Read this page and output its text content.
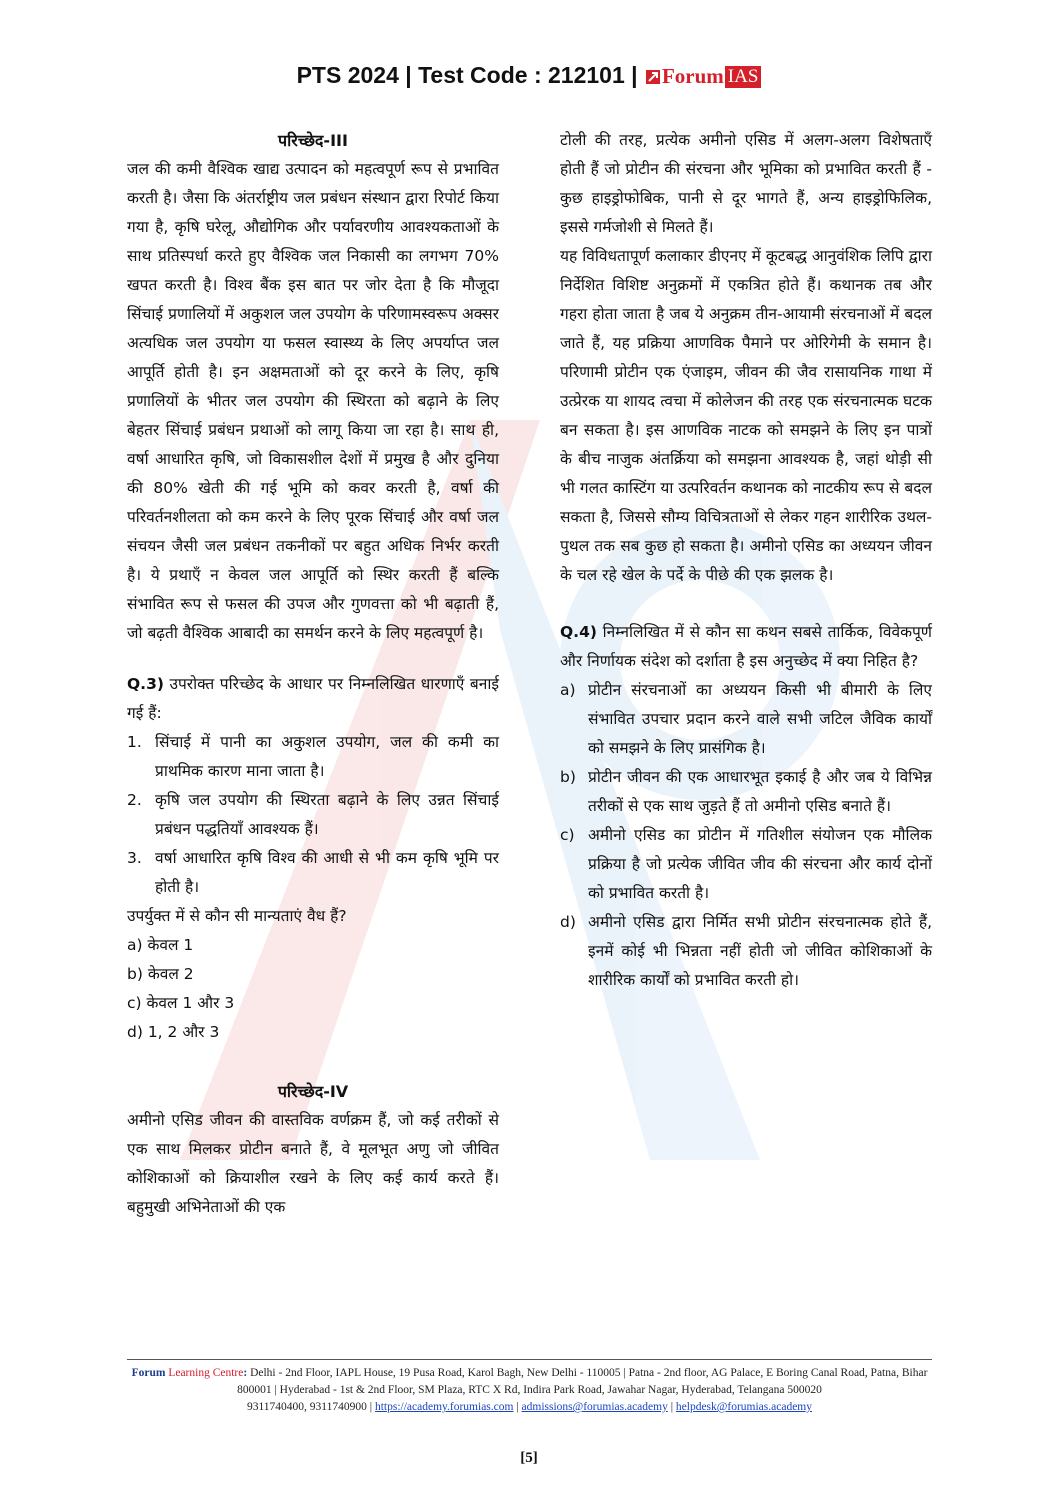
PTS 2024 | Test Code : 212101 | Forum IAS
परिच्छेद-III

जल की कमी वैश्विक खाद्य उत्पादन को महत्वपूर्ण रूप से प्रभावित करती है। जैसा कि अंतर्राष्ट्रीय जल प्रबंधन संस्थान द्वारा रिपोर्ट किया गया है, कृषि घरेलू, औद्योगिक और पर्यावरणीय आवश्यकताओं के साथ प्रतिस्पर्धा करते हुए वैश्विक जल निकासी का लगभग 70% खपत करती है। विश्व बैंक इस बात पर जोर देता है कि मौजूदा सिंचाई प्रणालियों में अकुशल जल उपयोग के परिणामस्वरूप अक्सर अत्यधिक जल उपयोग या फसल स्वास्थ्य के लिए अपर्याप्त जल आपूर्ति होती है। इन अक्षमताओं को दूर करने के लिए, कृषि प्रणालियों के भीतर जल उपयोग की स्थिरता को बढ़ाने के लिए बेहतर सिंचाई प्रबंधन प्रथाओं को लागू किया जा रहा है। साथ ही, वर्षा आधारित कृषि, जो विकासशील देशों में प्रमुख है और दुनिया की 80% खेती की गई भूमि को कवर करती है, वर्षा की परिवर्तनशीलता को कम करने के लिए पूरक सिंचाई और वर्षा जल संचयन जैसी जल प्रबंधन तकनीकों पर बहुत अधिक निर्भर करती है। ये प्रथाएँ न केवल जल आपूर्ति को स्थिर करती हैं बल्कि संभावित रूप से फसल की उपज और गुणवत्ता को भी बढ़ाती हैं, जो बढ़ती वैश्विक आबादी का समर्थन करने के लिए महत्वपूर्ण है।

Q.3) उपरोक्त परिच्छेद के आधार पर निम्नलिखित धारणाएँ बनाई गई हैं:

1. सिंचाई में पानी का अकुशल उपयोग, जल की कमी का प्राथमिक कारण माना जाता है।
2. कृषि जल उपयोग की स्थिरता बढ़ाने के लिए उन्नत सिंचाई प्रबंधन पद्धतियाँ आवश्यक हैं।
3. वर्षा आधारित कृषि विश्व की आधी से भी कम कृषि भूमि पर होती है।

उपर्युक्त में से कौन सी मान्यताएं वैध हैं?

a) केवल 1

b) केवल 2

c) केवल 1 और 3

d) 1, 2 और 3

परिच्छेद-IV

अमीनो एसिड जीवन की वास्तविक वर्णक्रम हैं, जो कई तरीकों से एक साथ मिलकर प्रोटीन बनाते हैं, वे मूलभूत अणु जो जीवित कोशिकाओं को क्रियाशील रखने के लिए कई कार्य करते हैं। बहुमुखी अभिनेताओं की एक

टोली की तरह, प्रत्येक अमीनो एसिड में अलग-अलग विशेषताएँ होती हैं जो प्रोटीन की संरचना और भूमिका को प्रभावित करती हैं - कुछ हाइड्रोफोबिक, पानी से दूर भागते हैं, अन्य हाइड्रोफिलिक, इससे गर्मजोशी से मिलते हैं।

यह विविधतापूर्ण कलाकार डीएनए में कूटबद्ध आनुवंशिक लिपि द्वारा निर्देशित विशिष्ट अनुक्रमों में एकत्रित होते हैं। कथानक तब और गहरा होता जाता है जब ये अनुक्रम तीन-आयामी संरचनाओं में बदल जाते हैं, यह प्रक्रिया आणविक पैमाने पर ओरिगेमी के समान है। परिणामी प्रोटीन एक एंजाइम, जीवन की जैव रासायनिक गाथा में उत्प्रेरक या शायद त्वचा में कोलेजन की तरह एक संरचनात्मक घटक बन सकता है। इस आणविक नाटक को समझने के लिए इन पात्रों के बीच नाजुक अंतर्क्रिया को समझना आवश्यक है, जहां थोड़ी सी भी गलत कास्टिंग या उत्परिवर्तन कथानक को नाटकीय रूप से बदल सकता है, जिससे सौम्य विचित्रताओं से लेकर गहन शारीरिक उथल-पुथल तक सब कुछ हो सकता है। अमीनो एसिड का अध्ययन जीवन के चल रहे खेल के पर्दे के पीछे की एक झलक है।

Q.4) निम्नलिखित में से कौन सा कथन सबसे तार्किक, विवेकपूर्ण और निर्णायक संदेश को दर्शाता है इस अनुच्छेद में क्या निहित है?

a) प्रोटीन संरचनाओं का अध्ययन किसी भी बीमारी के लिए संभावित उपचार प्रदान करने वाले सभी जटिल जैविक कार्यों को समझने के लिए प्रासंगिक है।
b) प्रोटीन जीवन की एक आधारभूत इकाई है और जब ये विभिन्न तरीकों से एक साथ जुड़ते हैं तो अमीनो एसिड बनाते हैं।
c) अमीनो एसिड का प्रोटीन में गतिशील संयोजन एक मौलिक प्रक्रिया है जो प्रत्येक जीवित जीव की संरचना और कार्य दोनों को प्रभावित करती है।
d) अमीनो एसिड द्वारा निर्मित सभी प्रोटीन संरचनात्मक होते हैं, इनमें कोई भी भिन्नता नहीं होती जो जीवित कोशिकाओं के शारीरिक कार्यों को प्रभावित करती हो।
Forum Learning Centre: Delhi - 2nd Floor, IAPL House, 19 Pusa Road, Karol Bagh, New Delhi - 110005 | Patna - 2nd floor, AG Palace, E Boring Canal Road, Patna, Bihar 800001 | Hyderabad - 1st & 2nd Floor, SM Plaza, RTC X Rd, Indira Park Road, Jawahar Nagar, Hyderabad, Telangana 500020
9311740400, 9311740900 | https://academy.forumias.com | admissions@forumias.academy | helpdesk@forumias.academy
[5]
